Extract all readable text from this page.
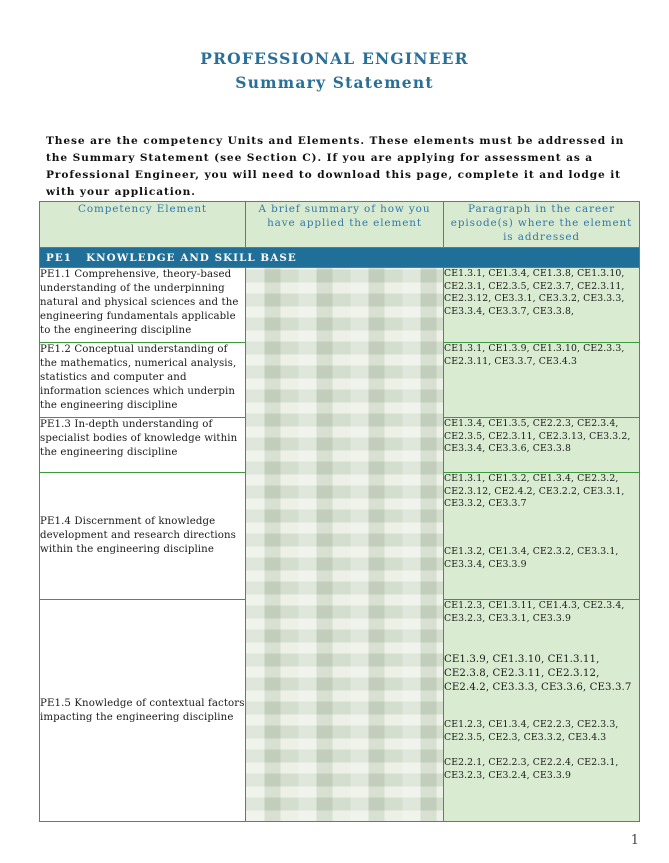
PROFESSIONAL ENGINEER
Summary Statement
These are the competency Units and Elements. These elements must be addressed in the Summary Statement (see Section C). If you are applying for assessment as a Professional Engineer, you will need to download this page, complete it and lodge it with your application.
Competency Element	A brief summary of how you have applied the element	Paragraph in the career episode(s) where the element is addressed
PE1   KNOWLEDGE AND SKILL BASE		
PE1.1 Comprehensive, theory-based understanding of the underpinning natural and physical sciences and the engineering fundamentals applicable to the engineering discipline		CE1.3.1, CE1.3.4, CE1.3.8, CE1.3.10, CE2.3.1, CE2.3.5, CE2.3.7, CE2.3.11, CE2.3.12, CE3.3.1, CE3.3.2, CE3.3.3, CE3.3.4, CE3.3.7, CE3.3.8,

PE1.2 Conceptual understanding of the mathematics, numerical analysis, statistics and computer and information sciences which underpin the engineering discipline		CE1.3.1, CE1.3.9, CE1.3.10, CE2.3.3, CE2.3.11, CE3.3.7, CE3.4.3

PE1.3 In-depth understanding of specialist bodies of knowledge within the engineering discipline		CE1.3.4, CE1.3.5, CE2.2.3, CE2.3.4, CE2.3.5, CE2.3.11, CE2.3.13, CE3.3.2, CE3.3.4, CE3.3.6, CE3.3.8

PE1.4 Discernment of knowledge development and research directions within the engineering discipline		CE1.3.1, CE1.3.2, CE1.3.4, CE2.3.2, CE2.3.12, CE2.4.2, CE3.2.2, CE3.3.1, CE3.3.2, CE3.3.7

CE1.3.2, CE1.3.4, CE2.3.2, CE3.3.1, CE3.3.4, CE3.3.9

PE1.5 Knowledge of contextual factors impacting the engineering discipline		CE1.2.3, CE1.3.11, CE1.4.3, CE2.3.4, CE3.2.3, CE3.3.1, CE3.3.9

CE1.3.9, CE1.3.10, CE1.3.11, CE2.3.8, CE2.3.11, CE2.3.12, CE2.4.2, CE3.3.3, CE3.3.6, CE3.3.7

CE1.2.3, CE1.3.4, CE2.2.3, CE2.3.3, CE2.3.5, CE2.3, CE3.3.2, CE3.4.3

CE2.2.1, CE2.2.3, CE2.2.4, CE2.3.1, CE3.2.3, CE3.2.4, CE3.3.9

1
